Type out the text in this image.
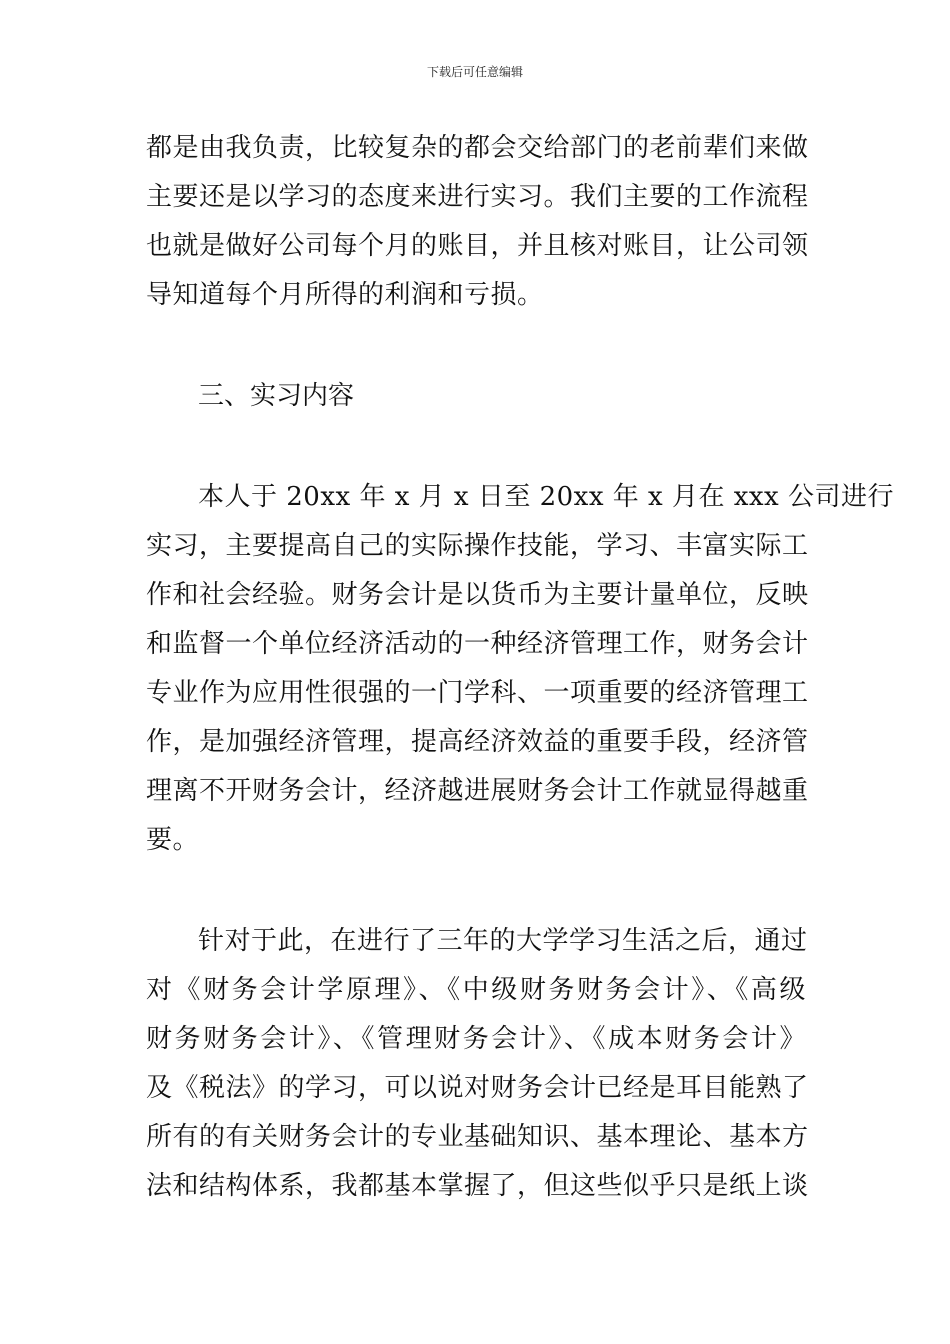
下载后可任意编辑
都是由我负责，比较复杂的都会交给部门的老前辈们来做
主要还是以学习的态度来进行实习。我们主要的工作流程
也就是做好公司每个月的账目，并且核对账目，让公司领
导知道每个月所得的利润和亏损。
三、实习内容
本人于 20xx 年 x 月 x 日至 20xx 年 x 月在 xxx 公司进行
实习，主要提高自己的实际操作技能，学习、丰富实际工
作和社会经验。财务会计是以货币为主要计量单位，反映
和监督一个单位经济活动的一种经济管理工作，财务会计
专业作为应用性很强的一门学科、一项重要的经济管理工
作，是加强经济管理，提高经济效益的重要手段，经济管
理离不开财务会计，经济越进展财务会计工作就显得越重
要。
针对于此，在进行了三年的大学学习生活之后，通过
对《财务会计学原理》、《中级财务财务会计》、《高级
财务财务会计》、《管理财务会计》、《成本财务会计》
及《税法》的学习，可以说对财务会计已经是耳目能熟了
所有的有关财务会计的专业基础知识、基本理论、基本方
法和结构体系，我都基本掌握了，但这些似乎只是纸上谈
